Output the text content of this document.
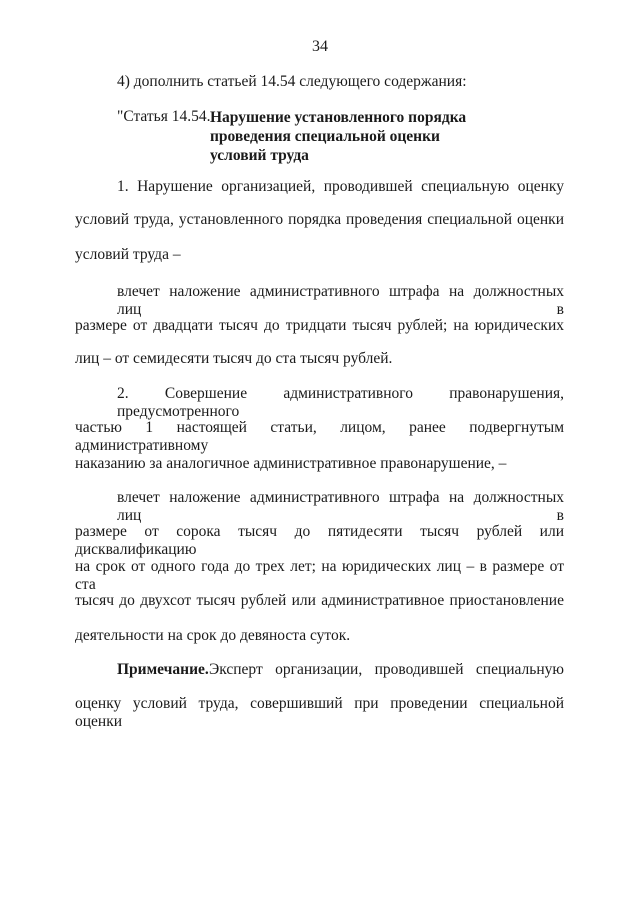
34
4) дополнить статьей 14.54 следующего содержания:
"Статья 14.54. Нарушение установленного порядка
проведения специальной оценки
условий труда
1. Нарушение организацией, проводившей специальную оценку
условий труда, установленного порядка проведения специальной оценки
условий труда –
влечет наложение административного штрафа на должностных лиц в
размере от двадцати тысяч до тридцати тысяч рублей; на юридических
лиц – от семидесяти тысяч до ста тысяч рублей.
2. Совершение административного правонарушения, предусмотренного
частью 1 настоящей статьи, лицом, ранее подвергнутым административному
наказанию за аналогичное административное правонарушение, –
влечет наложение административного штрафа на должностных лиц в
размере от сорока тысяч до пятидесяти тысяч рублей или дисквалификацию
на срок от одного года до трех лет; на юридических лиц – в размере от ста
тысяч до двухсот тысяч рублей или административное приостановление
деятельности на срок до девяноста суток.
Примечание. Эксперт организации, проводившей специальную
оценку условий труда, совершивший при проведении специальной оценки
